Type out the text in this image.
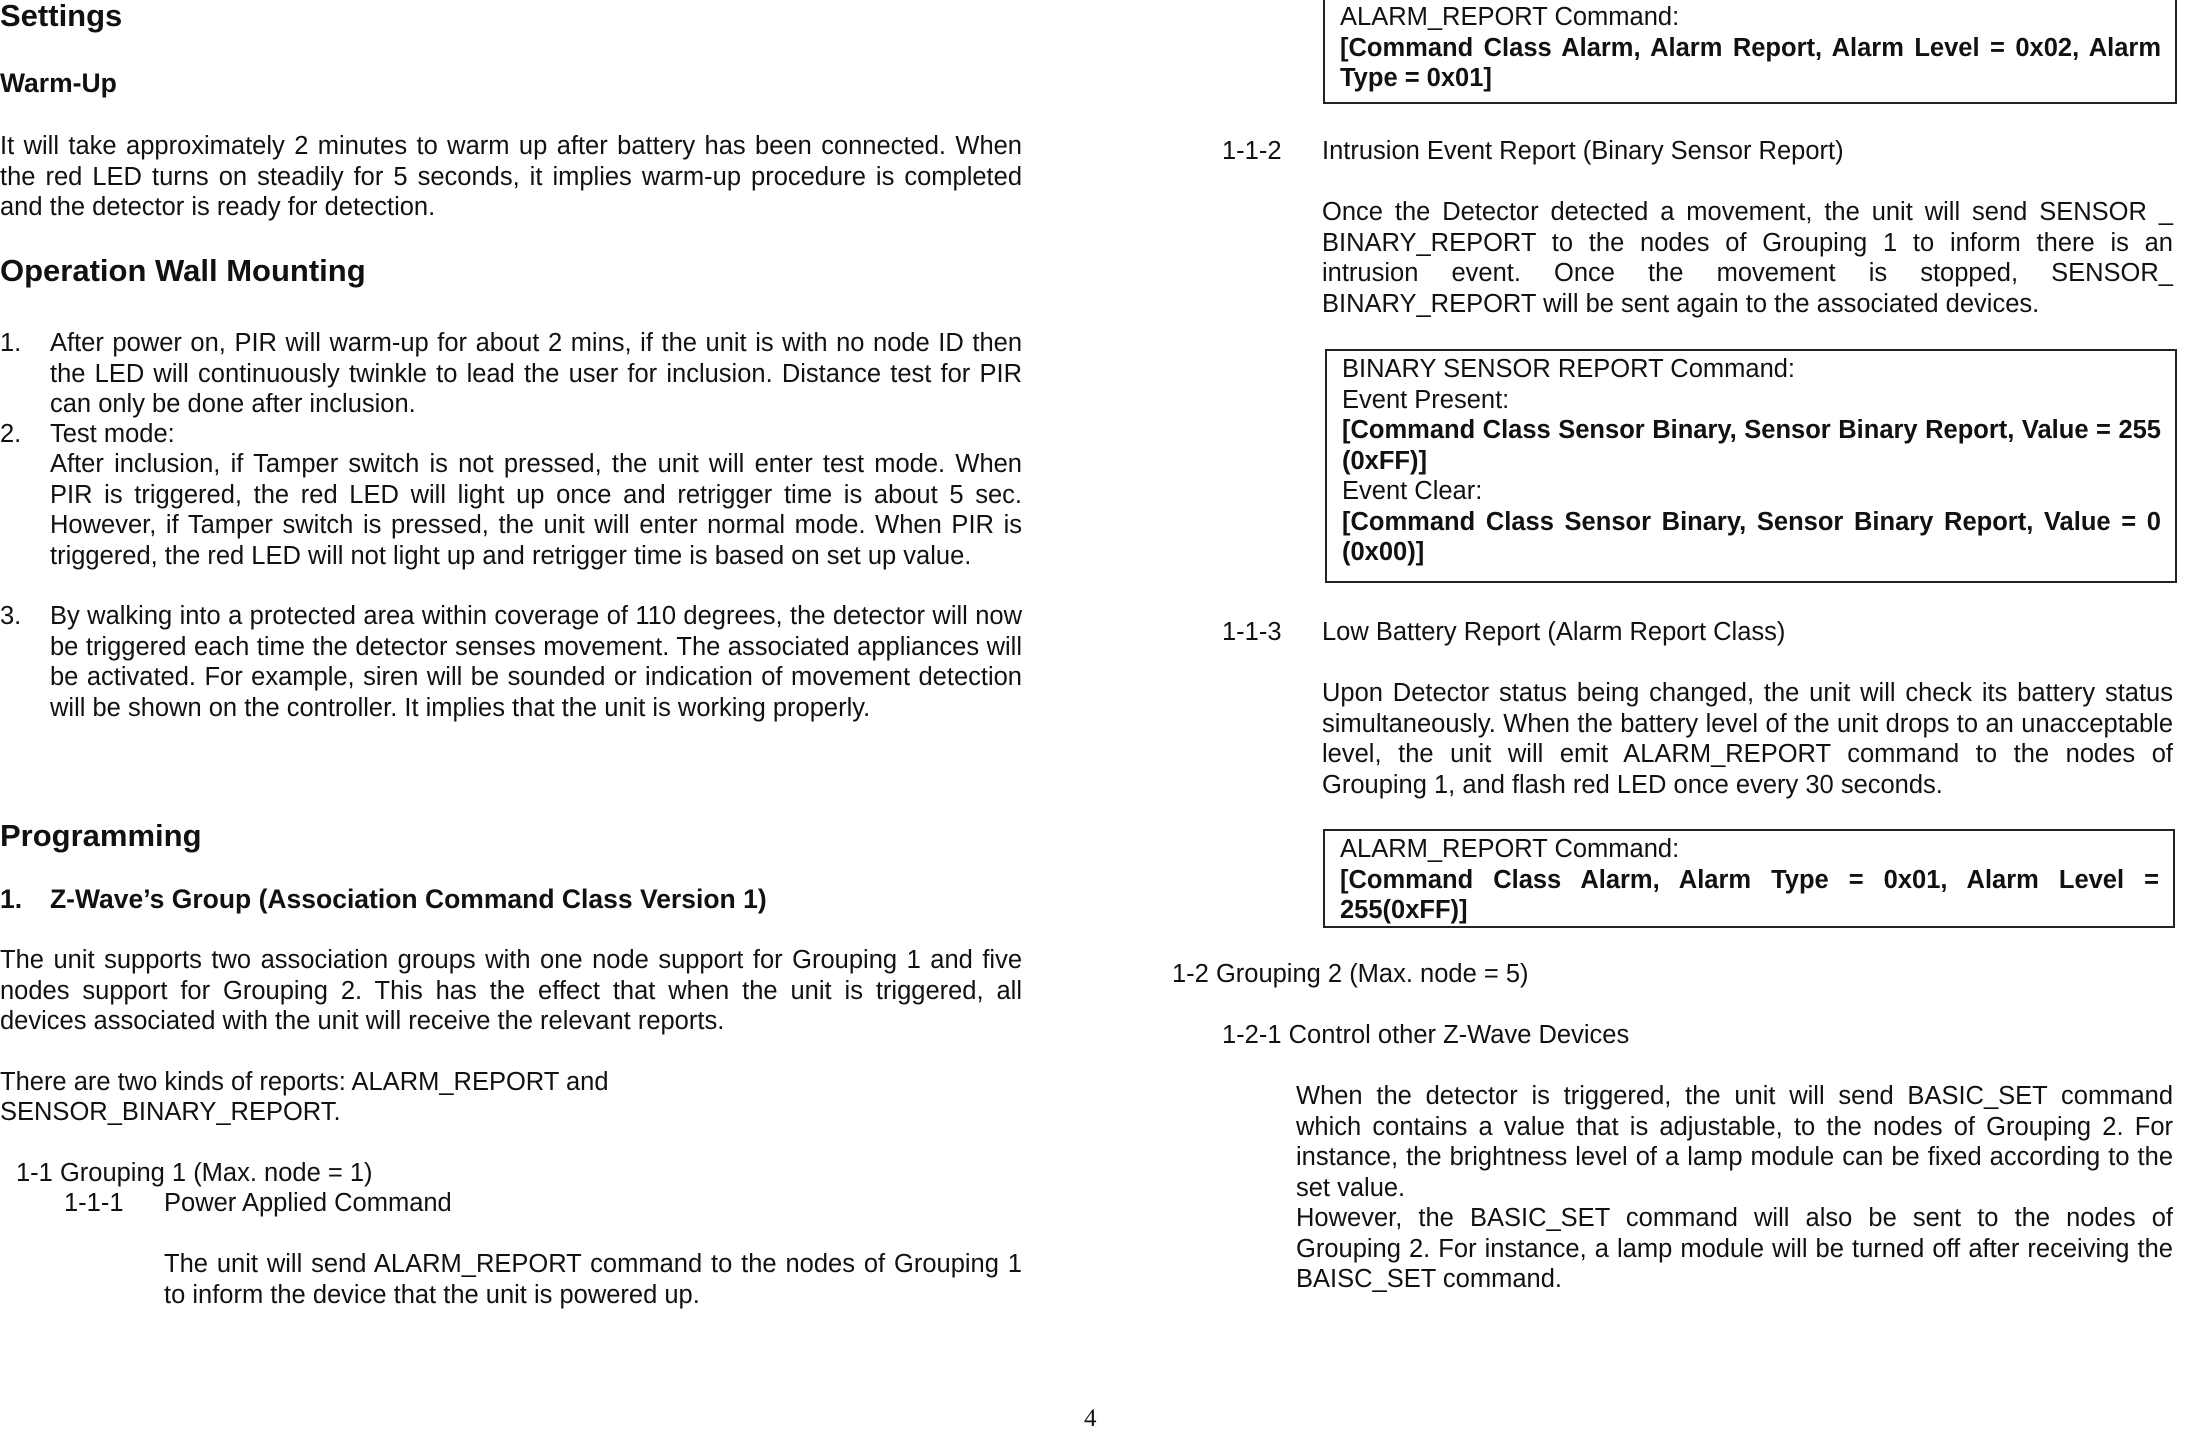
Settings
Warm-Up

It will take approximately 2 minutes to warm up after battery has been connected. When the red LED turns on steadily for 5 seconds, it implies warm-up procedure is completed and the detector is ready for detection.

Operation Wall Mounting
1.	After power on, PIR will warm-up for about 2 mins, if the unit is with no node ID then the LED will continuously twinkle to lead the user for inclusion. Distance test for PIR can only be done after inclusion.

2.	Test mode:

After inclusion, if Tamper switch is not pressed, the unit will enter test mode. When PIR is triggered, the red LED will light up once and retrigger time is about 5 sec. However, if Tamper switch is pressed, the unit will enter normal mode. When PIR is triggered, the red LED will not light up and retrigger time is based on set up value.

3.	By walking into a protected area within coverage of 110 degrees, the detector will now be triggered each time the detector senses movement. The associated appliances will be activated. For example, siren will be sounded or indication of movement detection will be shown on the controller. It implies that the unit is working properly.

Programming
1.	Z-Wave’s Group (Association Command Class Version 1)

The unit supports two association groups with one node support for Grouping 1 and five nodes support for Grouping 2. This has the effect that when the unit is triggered, all devices associated with the unit will receive the relevant reports.

There are two kinds of reports: ALARM_REPORT and

SENSOR_BINARY_REPORT.

1-1 Grouping 1 (Max. node = 1)

1-1-1 Power Applied Command

The unit will send ALARM_REPORT command to the nodes of Grouping 1 to inform the device that the unit is powered up.

ALARM_REPORT Command:

[Command Class Alarm, Alarm Report, Alarm Level = 0x02, Alarm Type = 0x01]

1-1-2 Intrusion Event Report (Binary Sensor Report)

Once the Detector detected a movement, the unit will send SENSOR _ BINARY_REPORT to the nodes of Grouping 1 to inform there is an intrusion event. Once the movement is stopped, SENSOR_ BINARY_REPORT will be sent again to the associated devices.

BINARY SENSOR REPORT Command:

Event Present:

[Command Class Sensor Binary, Sensor Binary Report, Value = 255 (0xFF)]

Event Clear:

[Command Class Sensor Binary, Sensor Binary Report, Value = 0 (0x00)]

1-1-3 Low Battery Report (Alarm Report Class)

Upon Detector status being changed, the unit will check its battery status simultaneously. When the battery level of the unit drops to an unacceptable level, the unit will emit ALARM_REPORT command to the nodes of Grouping 1, and flash red LED once every 30 seconds.

ALARM_REPORT Command:

[Command Class Alarm, Alarm Type = 0x01, Alarm Level = 255(0xFF)]

1-2 Grouping 2 (Max. node = 5)

1-2-1 Control other Z-Wave Devices

When the detector is triggered, the unit will send BASIC_SET command which contains a value that is adjustable, to the nodes of Grouping 2. For instance, the brightness level of a lamp module can be fixed according to the set value.

However, the BASIC_SET command will also be sent to the nodes of Grouping 2. For instance, a lamp module will be turned off after receiving the BAISC_SET command.

4
